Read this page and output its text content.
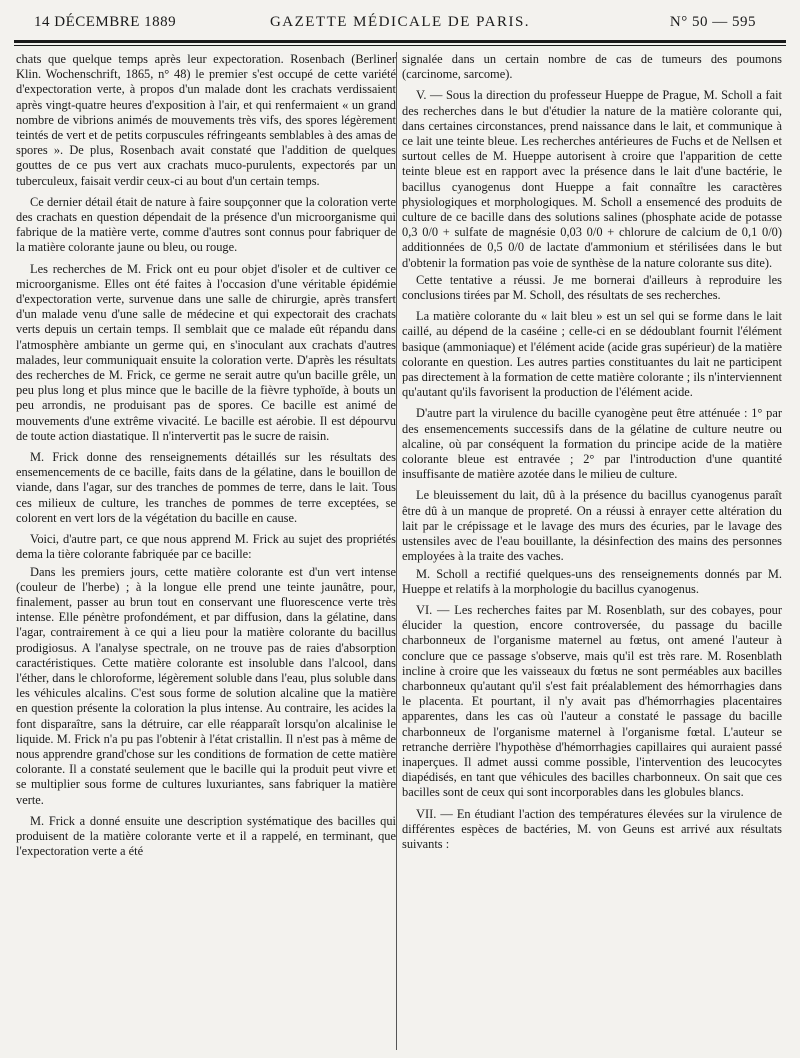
14 DÉCEMBRE 1889	GAZETTE MÉDICALE DE PARIS.	N° 50 — 595

chats que quelque temps après leur expectoration. Rosenbach (Berliner Klin. Wochenschrift, 1865, n° 48) le premier s'est occupé de cette variété d'expectoration verte, à propos d'un malade dont les crachats verdissaient après vingt-quatre heures d'exposition à l'air, et qui renfermaient « un grand nombre de vibrions animés de mouvements très vifs, des spores légèrement teintés de vert et de petits corpuscules réfringeants semblables à des amas de spores ». De plus, Rosenbach avait constaté que l'addition de quelques gouttes de ce pus vert aux crachats muco-purulents, expectorés par un tuberculeux, faisait verdir ceux-ci au bout d'un certain temps.

Ce dernier détail était de nature à faire soupçonner que la coloration verte des crachats en question dépendait de la présence d'un microorganisme qui fabrique de la matière verte, comme d'autres sont connus pour fabriquer de la matière colorante jaune ou bleu, ou rouge.

Les recherches de M. Frick ont eu pour objet d'isoler et de cultiver ce microorganisme. Elles ont été faites à l'occasion d'une véritable épidémie d'expectoration verte, survenue dans une salle de chirurgie, après transfert d'un malade venu d'une salle de médecine et qui expectorait des crachats verts depuis un certain temps. Il semblait que ce malade eût répandu dans l'atmosphère ambiante un germe qui, en s'inoculant aux crachats d'autres malades, leur communiquait ensuite la coloration verte. D'après les résultats des recherches de M. Frick, ce germe ne serait autre qu'un bacille grêle, un peu plus long et plus mince que le bacille de la fièvre typhoïde, à bouts un peu arrondis, ne produisant pas de spores. Ce bacille est animé de mouvements d'une extrême vivacité. Le bacille est aérobie. Il est dépourvu de toute action diastatique. Il n'intervertit pas le sucre de raisin.

M. Frick donne des renseignements détaillés sur les résultats des ensemencements de ce bacille, faits dans de la gélatine, dans le bouillon de viande, dans l'agar, sur des tranches de pommes de terre, dans le lait. Tous ces milieux de culture, les tranches de pommes de terre exceptées, se colorent en vert lors de la végétation du bacille en cause.

Voici, d'autre part, ce que nous apprend M. Frick au sujet des propriétés dema la tière colorante fabriquée par ce bacille:

Dans les premiers jours, cette matière colorante est d'un vert intense (couleur de l'herbe) ; à la longue elle prend une teinte jaunâtre, pour, finalement, passer au brun tout en conservant une fluorescence verte très intense. Elle pénètre profondément, et par diffusion, dans la gélatine, dans l'agar, contrairement à ce qui a lieu pour la matière colorante du bacillus prodigiosus. A l'analyse spectrale, on ne trouve pas de raies d'absorption caractéristiques. Cette matière colorante est insoluble dans l'alcool, dans l'éther, dans le chloroforme, légèrement soluble dans l'eau, plus soluble dans les véhicules alcalins. C'est sous forme de solution alcaline que la matière en question présente la coloration la plus intense. Au contraire, les acides la font disparaître, sans la détruire, car elle réapparaît lorsqu'on alcalinise le liquide. M. Frick n'a pu pas l'obtenir à l'état cristallin. Il n'est pas à même de nous apprendre grand'chose sur les conditions de formation de cette matière colorante. Il a constaté seulement que le bacille qui la produit peut vivre et se multiplier sous forme de cultures luxuriantes, sans fabriquer la matière verte.

M. Frick a donné ensuite une description systématique des bacilles qui produisent de la matière colorante verte et il a rappelé, en terminant, que l'expectoration verte a été

signalée dans un certain nombre de cas de tumeurs des poumons (carcinome, sarcome).

V. — Sous la direction du professeur Hueppe de Prague, M. Scholl a fait des recherches dans le but d'étudier la nature de la matière colorante qui, dans certaines circonstances, prend naissance dans le lait, et communique à ce lait une teinte bleue. Les recherches antérieures de Fuchs et de Nellsen et surtout celles de M. Hueppe autorisent à croire que l'apparition de cette teinte bleue est en rapport avec la présence dans le lait d'une bactérie, le bacillus cyanogenus dont Hueppe a fait connaître les caractères physiologiques et morphologiques. M. Scholl a ensemencé des produits de culture de ce bacille dans des solutions salines (phosphate acide de potasse 0,3 0/0 + sulfate de magnésie 0,03 0/0 + chlorure de calcium de 0,1 0/0) additionnées de 0,5 0/0 de lactate d'ammonium et stérilisées dans le but d'obtenir la formation pas voie de synthèse de la nature colorante sus dite).

Cette tentative a réussi. Je me bornerai d'ailleurs à reproduire les conclusions tirées par M. Scholl, des résultats de ses recherches.

La matière colorante du « lait bleu » est un sel qui se forme dans le lait caillé, au dépend de la caséine ; celle-ci en se dédoublant fournit l'élément basique (ammoniaque) et l'élément acide (acide gras supérieur) de la matière colorante en question. Les autres parties constituantes du lait ne participent pas directement à la formation de cette matière colorante ; ils n'interviennent qu'autant qu'ils favorisent la production de l'élément acide.

D'autre part la virulence du bacille cyanogène peut être atténuée : 1° par des ensemencements successifs dans de la gélatine de culture neutre ou alcaline, où par conséquent la formation du principe acide de la matière colorante bleue est entravée ; 2° par l'introduction d'une quantité insuffisante de matière azotée dans le milieu de culture.

Le bleuissement du lait, dû à la présence du bacillus cyanogenus paraît être dû à un manque de propreté. On a réussi à enrayer cette altération du lait par le crépissage et le lavage des murs des écuries, par le lavage des ustensiles avec de l'eau bouillante, la désinfection des mains des personnes employées à la traite des vaches.

M. Scholl a rectifié quelques-uns des renseignements donnés par M. Hueppe et relatifs à la morphologie du bacillus cyanogenus.

VI. — Les recherches faites par M. Rosenblath, sur des cobayes, pour élucider la question, encore controversée, du passage du bacille charbonneux de l'organisme maternel au fœtus, ont amené l'auteur à conclure que ce passage s'observe, mais qu'il est très rare. M. Rosenblath incline à croire que les vaisseaux du fœtus ne sont perméables aux bacilles charbonneux qu'autant qu'il s'est fait préalablement des hémorrhagies dans le placenta. Et pourtant, il n'y avait pas d'hémorrhagies placentaires apparentes, dans les cas où l'auteur a constaté le passage du bacille charbonneux de l'organisme maternel à l'organisme fœtal. L'auteur se retranche derrière l'hypothèse d'hémorrhagies capillaires qui auraient passé inaperçues. Il admet aussi comme possible, l'intervention des leucocytes diapédisés, en tant que véhicules des bacilles charbonneux. On sait que ces bacilles sont de ceux qui sont incorporables dans les globules blancs.

VII. — En étudiant l'action des températures élevées sur la virulence de différentes espèces de bactéries, M. von Geuns est arrivé aux résultats suivants :
